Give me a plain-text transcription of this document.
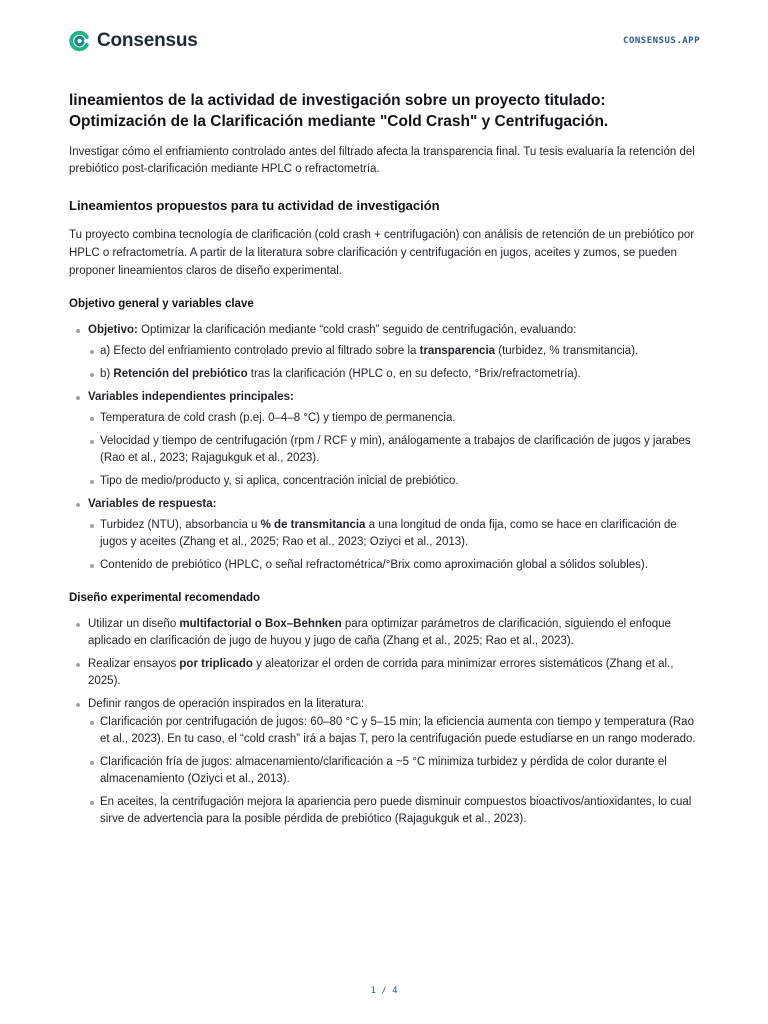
Consensus	CONSENSUS.APP
lineamientos de la actividad de investigación sobre un proyecto titulado:
Optimización de la Clarificación mediante "Cold Crash" y Centrifugación.

Investigar cómo el enfriamiento controlado antes del filtrado afecta la transparencia final. Tu tesis evaluaría la retención del prebiótico post-clarificación mediante HPLC o refractometría.

Lineamientos propuestos para tu actividad de investigación

Tu proyecto combina tecnología de clarificación (cold crash + centrifugación) con análisis de retención de un prebiótico por HPLC o refractometría. A partir de la literatura sobre clarificación y centrifugación en jugos, aceites y zumos, se pueden proponer lineamientos claros de diseño experimental.

Objetivo general y variables clave
Objetivo: Optimizar la clarificación mediante “cold crash” seguido de centrifugación, evaluando:
a) Efecto del enfriamiento controlado previo al filtrado sobre la transparencia (turbidez, % transmitancia).
b) Retención del prebiótico tras la clarificación (HPLC o, en su defecto, °Brix/refractometría).
Variables independientes principales:
Temperatura de cold crash (p.ej. 0–4–8 °C) y tiempo de permanencia.
Velocidad y tiempo de centrifugación (rpm / RCF y min), análogamente a trabajos de clarificación de jugos y jarabes (Rao et al., 2023; Rajagukguk et al., 2023).
Tipo de medio/producto y, si aplica, concentración inicial de prebiótico.
Variables de respuesta:
Turbidez (NTU), absorbancia u % de transmitancia a una longitud de onda fija, como se hace en clarificación de jugos y aceites (Zhang et al., 2025; Rao et al., 2023; Oziyci et al., 2013).
Contenido de prebiótico (HPLC, o señal refractométrica/°Brix como aproximación global a sólidos solubles).
Diseño experimental recomendado
Utilizar un diseño multifactorial o Box–Behnken para optimizar parámetros de clarificación, siguiendo el enfoque aplicado en clarificación de jugo de huyou y jugo de caña (Zhang et al., 2025; Rao et al., 2023).
Realizar ensayos por triplicado y aleatorizar el orden de corrida para minimizar errores sistemáticos (Zhang et al., 2025).
Definir rangos de operación inspirados en la literatura:
Clarificación por centrifugación de jugos: 60–80 °C y 5–15 min; la eficiencia aumenta con tiempo y temperatura (Rao et al., 2023). En tu caso, el “cold crash” irá a bajas T, pero la centrifugación puede estudiarse en un rango moderado.
Clarificación fría de jugos: almacenamiento/clarificación a ~5 °C minimiza turbidez y pérdida de color durante el almacenamiento (Oziyci et al., 2013).
En aceites, la centrifugación mejora la apariencia pero puede disminuir compuestos bioactivos/antioxidantes, lo cual sirve de advertencia para la posible pérdida de prebiótico (Rajagukguk et al., 2023).
1 / 4
